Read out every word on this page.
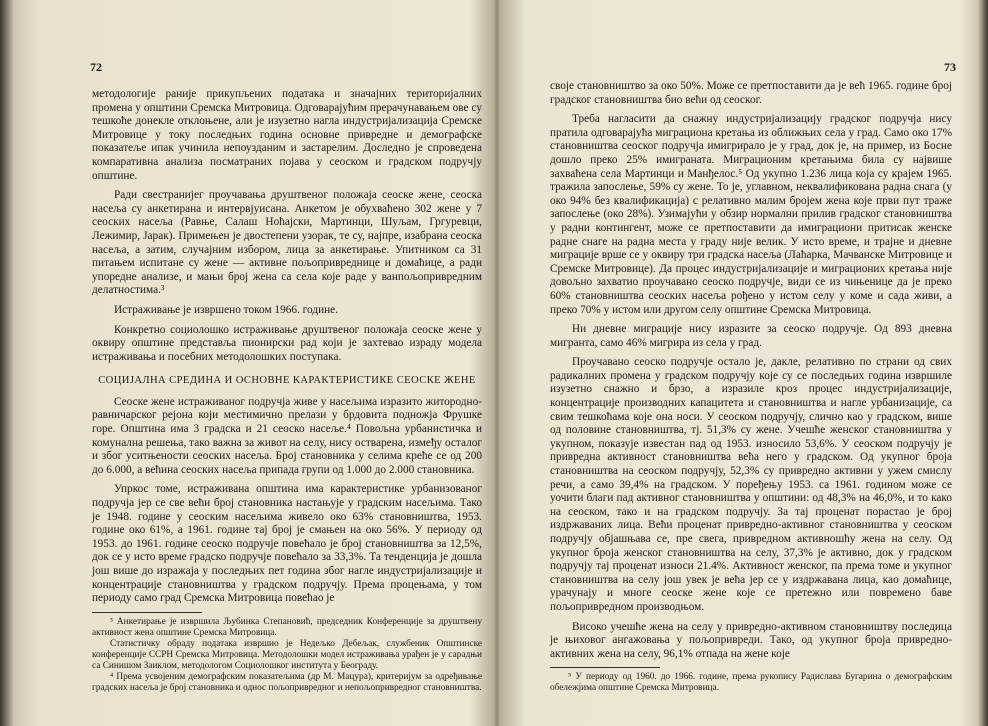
72

методологије раније прикупљених података и значајних територијалних промена у општини Сремска Митровица. Одговарајућим прерачунавањем ове су тешкоће донекле отклоњене, али је изузетно нагла индустријализација Сремске Митровице у току последњих година основне привредне и демографске показатеље ипак учинила непоузданим и застарелим. Доследно је спроведена компаративна анализа посматраних појава у сеоском и градском подручју општине.

Ради свестранијег проучавања друштвеног положаја сеоске жене, сеоска насеља су анкетирана и интервјуисана. Анкетом је обухваћено 302 жене у 7 сеоских насеља (Равње, Салаш Ноћајски, Мартинци, Шуљам, Гргуревци, Лежимир, Јарак). Примењен је двостепени узорак, те су, најпре, изабрана сеоска насеља, а затим, случајним избором, лица за анкетирање. Упитником са 31 питањем испитане су жене — активне пољопривреднице и домаћице, а ради упоредне анализе, и мањи број жена са села које раде у ванпољопривредним делатностима.³

Истраживање је извршено током 1966. године.

Конкретно социолошко истраживање друштвеног положаја сеоске жене у оквиру општине представља пионирски рад који је захтевао израду модела истраживања и посебних методолошких поступака.

СОЦИЈАЛНА СРЕДИНА И ОСНОВНЕ КАРАКТЕРИСТИКЕ СЕОСКЕ ЖЕНЕ

Сеоске жене истраживаног подручја живе у насељима изразито житородно-равничарског рејона који местимично прелази у брдовита подножја Фрушке горе. Општина има 3 градска и 21 сеоско насеље.⁴ Повољна урбанистичка и комунална решења, тако важна за живот на селу, нису остварена, између осталог и због уситњености сеоских насеља. Број становника у селима креће се од 200 до 6.000, а већина сеоских насеља припада групи од 1.000 до 2.000 становника.

Упркос томе, истраживана општина има карактеристике урбанизованог подручја јер се све већи број становника настањује у градским насељима. Тако је 1948. године у сеоским насељима живело око 63% становништва, 1953. године око 61%, а 1961. године тај број је смањен на око 56%. У периоду од 1953. до 1961. године сеоско подручје повећало је број становништва за 12,5%, док се у исто време градско подручје повећало за 33,3%. Та тенденција је дошла још више до изражаја у последњих пет година због нагле индустријализације и концентрације становништва у градском подручју. Према процењама, у том периоду само град Сремска Митровица повећао је

³ Анкетирање је извршила Љубинка Степановић, председник Конференције за друштвену активност жена општине Сремска Митровица.

Статистичку обраду података извршио је Недељко Дебељак, службеник Општинске конференције ССРН Сремска Митровица. Методолошки модел истраживања урађен је у сарадњи са Синишом Заиклом, методологом Социолошког института у Београду.

⁴ Према усвојеним демографским показатељима (др М. Мацура), критеријум за одређивање градских насеља је број становника и однос пољопривредног и непољопривредног становништва.

73

своје становништво за око 50%. Може се претпоставити да је већ 1965. године број градског становништва био већи од сеоског.

Треба нагласити да снажну индустријализацију градског подручја нису пратила одговарајућа миграциона кретања из оближњих села у град. Само око 17% становништва сеоског подручја имигрирало је у град, док је, на пример, из Босне дошло преко 25% имиграната. Миграционим кретањима била су највише захваћена села Мартинци и Манђелос.⁵ Од укупно 1.236 лица која су крајем 1965. тражила запослење, 59% су жене. То је, углавном, неквалификована радна снага (у око 94% без квалификација) с релативно малим бројем жена које први пут траже запослење (око 28%). Узимајући у обзир нормални прилив градског становништва у радни контингент, може се претпоставити да имиграциони притисак женске радне снаге на радна места у граду није велик. У исто време, и трајне и дневне миграције врше се у оквиру три градска насеља (Лаћарка, Мачванске Митровице и Сремске Митровице). Да процес индустријализације и миграционих кретања није довољно захватио проучавано сеоско подручје, види се из чињенице да је преко 60% становништва сеоских насеља рођено у истом селу у коме и сада живи, а преко 70% у истом или другом селу општине Сремска Митровица.

Ни дневне миграције нису изразите за сеоско подручје. Од 893 дневна мигранта, само 46% мигрира из села у град.

Проучавано сеоско подручје остало је, дакле, релативно по страни од свих радикалних промена у градском подручју које су се последњих година извршиле изузетно снажно и брзо, а изразиле кроз процес индустријализације, концентрације производних капацитета и становништва и нагле урбанизације, са свим тешкоћама које она носи. У сеоском подручју, слично као у градском, више од половине становништва, тј. 51,3% су жене. Учешће женског становништва у укупном, показује известан пад од 1953. износило 53,6%. У сеоском подручју је привредна активност становништва већа него у градском. Од укупног броја становништва на сеоском подручју, 52,3% су привредно активни у ужем смислу речи, а само 39,4% на градском. У поређењу 1953. са 1961. годином може се уочити благи пад активног становништва у општини: од 48,3% на 46,0%, и то како на сеоском, тако и на градском подручју. За тај проценат порастао је број издржаваних лица. Већи проценат привредно-активног становништва у сеоском подручју објашњава се, пре свега, привредном активношћу жена на селу. Од укупног броја женског становништва на селу, 37,3% је активно, док у градском подручју тај проценат износи 21.4%. Активност женског, па према томе и укупног становништва на селу још увек је већа јер се у издржавана лица, као домаћице, урачунају и многе сеоске жене које се претежно или повремено баве пољопривредном производњом.

Високо учешће жена на селу у привредно-активном становништву последица је њиховог ангажовања у пољопривреди. Тако, од укупног броја привредно-активних жена на селу, 96,1% отпада на жене које

⁵ У периоду од 1960. до 1966. године, према рукопису Радислава Бугарина о демографским обележјима општине Сремска Митровица.
